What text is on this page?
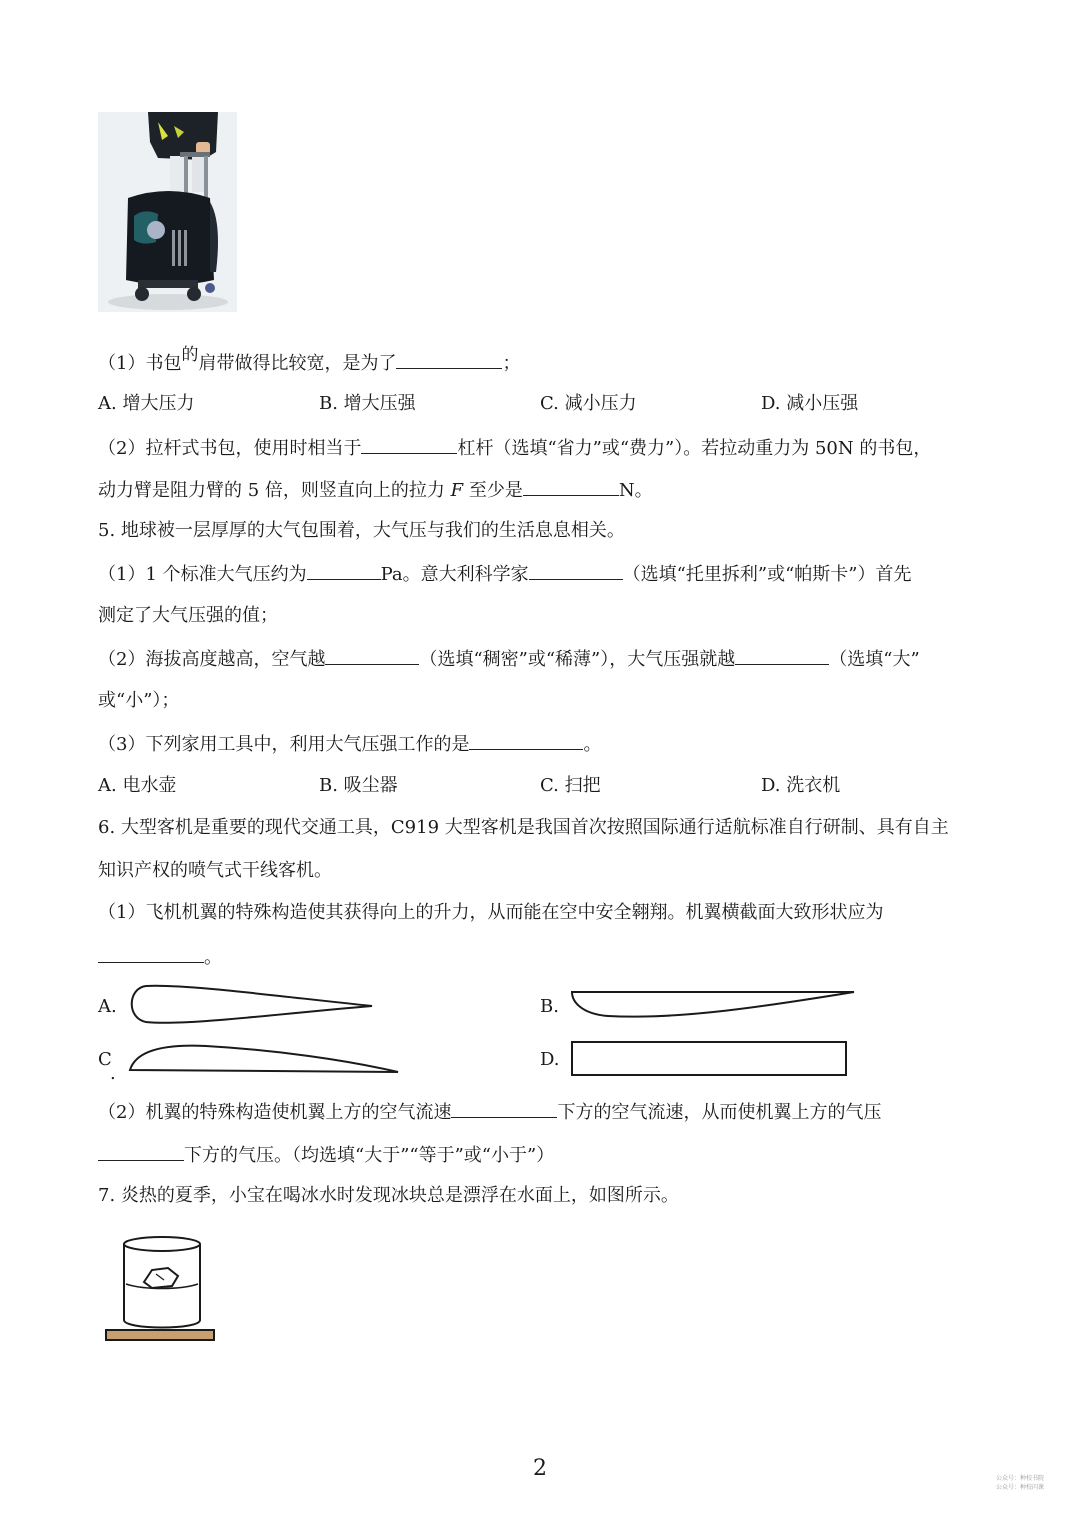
（1）书包$^的$肩带做得比较宽，是为了	；
A. 增大压力	B. 增大压强	C. 减小压力	D. 减小压强
（2）拉杆式书包，使用时相当于	杠杆（选填“省力”或“费力”）。若拉动重力为 50N 的书包，
动力臂是阻力臂的 5 倍，则竖直向上的拉力 F 至少是	N。
5. 地球被一层厚厚的大气包围着，大气压与我们的生活息息相关。
（1）1 个标准大气压约为	Pa。意大利科学家	（选填“托里拆利”或“帕斯卡”）首先
测定了大气压强的值；
（2）海拔高度越高，空气越	（选填“稠密”或“稀薄”），大气压强就越	（选填“大”
或“小”）；
（3）下列家用工具中，利用大气压强工作的是	。
A. 电水壶	B. 吸尘器	C. 扫把	D. 洗衣机
6. 大型客机是重要的现代交通工具，C919 大型客机是我国首次按照国际通行适航标准自行研制、具有自主
知识产权的喷气式干线客机。
（1）飞机机翼的特殊构造使其获得向上的升力，从而能在空中安全翱翔。机翼横截面大致形状应为
。
A.	B.
C
.
D.
（2）机翼的特殊构造使机翼上方的空气流速	下方的空气流速，从而使机翼上方的气压
下方的气压。（均选填“大于”“等于”或“小于”）
7. 炎热的夏季，小宝在喝冰水时发现冰块总是漂浮在水面上，如图所示。
2	公众号：种校书院
公众号：种校闪课
